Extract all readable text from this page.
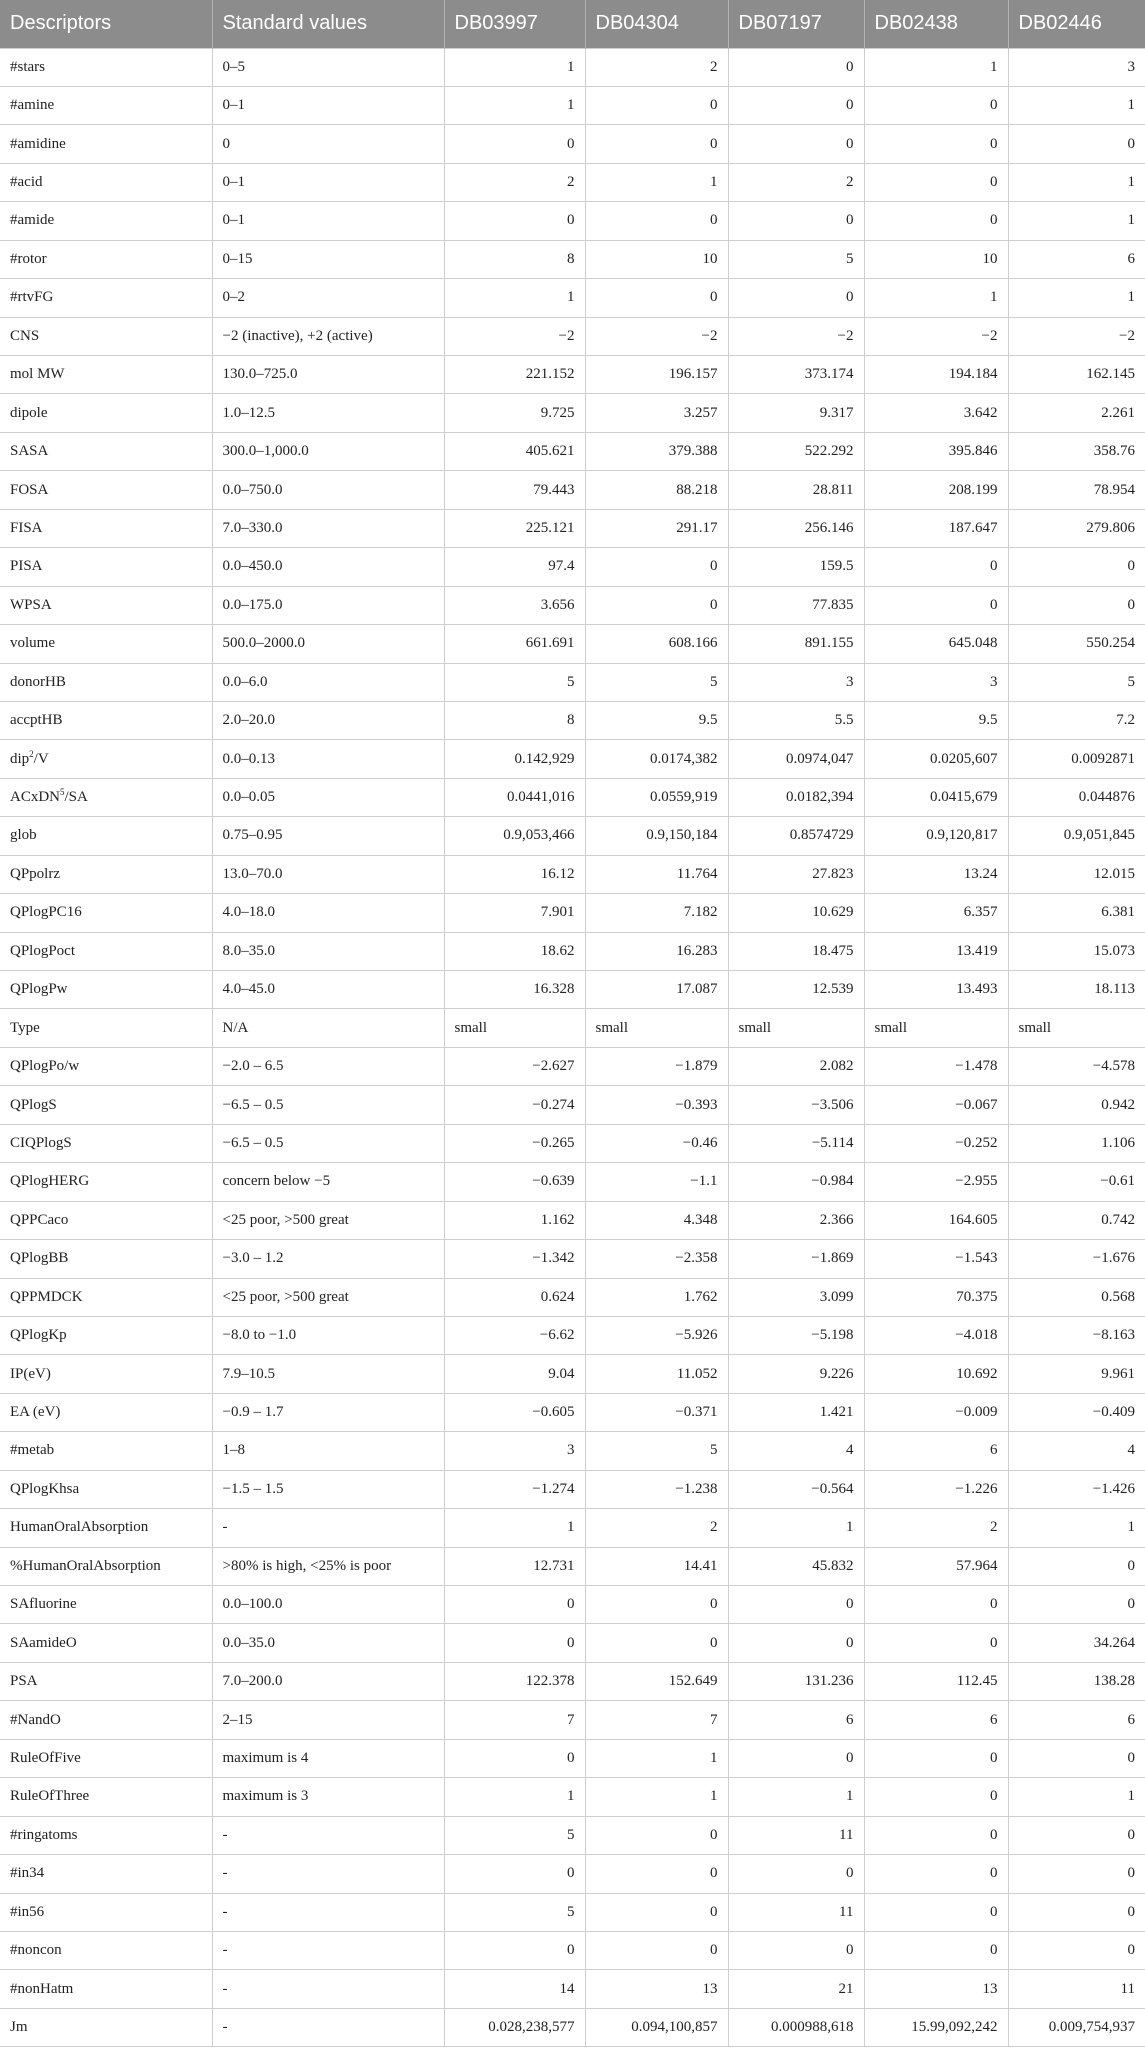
Descriptors	Standard values	DB03997	DB04304	DB07197	DB02438	DB02446
#stars	0–5	1	2	0	1	3
#amine	0–1	1	0	0	0	1
#amidine	0	0	0	0	0	0
#acid	0–1	2	1	2	0	1
#amide	0–1	0	0	0	0	1
#rotor	0–15	8	10	5	10	6
#rtvFG	0–2	1	0	0	1	1
CNS	−2 (inactive), +2 (active)	−2	−2	−2	−2	−2
mol MW	130.0–725.0	221.152	196.157	373.174	194.184	162.145
dipole	1.0–12.5	9.725	3.257	9.317	3.642	2.261
SASA	300.0–1,000.0	405.621	379.388	522.292	395.846	358.76
FOSA	0.0–750.0	79.443	88.218	28.811	208.199	78.954
FISA	7.0–330.0	225.121	291.17	256.146	187.647	279.806
PISA	0.0–450.0	97.4	0	159.5	0	0
WPSA	0.0–175.0	3.656	0	77.835	0	0
volume	500.0–2000.0	661.691	608.166	891.155	645.048	550.254
donorHB	0.0–6.0	5	5	3	3	5
accptHB	2.0–20.0	8	9.5	5.5	9.5	7.2
dip$^2$/V	0.0–0.13	0.142,929	0.0174,382	0.0974,047	0.0205,607	0.0092871
ACxDN$^5$/SA	0.0–0.05	0.0441,016	0.0559,919	0.0182,394	0.0415,679	0.044876
glob	0.75–0.95	0.9,053,466	0.9,150,184	0.8574729	0.9,120,817	0.9,051,845
QPpolrz	13.0–70.0	16.12	11.764	27.823	13.24	12.015
QPlogPC16	4.0–18.0	7.901	7.182	10.629	6.357	6.381
QPlogPoct	8.0–35.0	18.62	16.283	18.475	13.419	15.073
QPlogPw	4.0–45.0	16.328	17.087	12.539	13.493	18.113
Type	N/A	small	small	small	small	small
QPlogPo/w	−2.0 – 6.5	−2.627	−1.879	2.082	−1.478	−4.578
QPlogS	−6.5 – 0.5	−0.274	−0.393	−3.506	−0.067	0.942
CIQPlogS	−6.5 – 0.5	−0.265	−0.46	−5.114	−0.252	1.106
QPlogHERG	concern below −5	−0.639	−1.1	−0.984	−2.955	−0.61
QPPCaco	<25 poor, >500 great	1.162	4.348	2.366	164.605	0.742
QPlogBB	−3.0 – 1.2	−1.342	−2.358	−1.869	−1.543	−1.676
QPPMDCK	<25 poor, >500 great	0.624	1.762	3.099	70.375	0.568
QPlogKp	−8.0 to −1.0	−6.62	−5.926	−5.198	−4.018	−8.163
IP(eV)	7.9–10.5	9.04	11.052	9.226	10.692	9.961
EA (eV)	−0.9 – 1.7	−0.605	−0.371	1.421	−0.009	−0.409
#metab	1–8	3	5	4	6	4
QPlogKhsa	−1.5 – 1.5	−1.274	−1.238	−0.564	−1.226	−1.426
HumanOralAbsorption	-	1	2	1	2	1
%HumanOralAbsorption	>80% is high, <25% is poor	12.731	14.41	45.832	57.964	0
SAfluorine	0.0–100.0	0	0	0	0	0
SAamideO	0.0–35.0	0	0	0	0	34.264
PSA	7.0–200.0	122.378	152.649	131.236	112.45	138.28
#NandO	2–15	7	7	6	6	6
RuleOfFive	maximum is 4	0	1	0	0	0
RuleOfThree	maximum is 3	1	1	1	0	1
#ringatoms	-	5	0	11	0	0
#in34	-	0	0	0	0	0
#in56	-	5	0	11	0	0
#noncon	-	0	0	0	0	0
#nonHatm	-	14	13	21	13	11
Jm	-	0.028,238,577	0.094,100,857	0.000988,618	15.99,092,242	0.009,754,937
